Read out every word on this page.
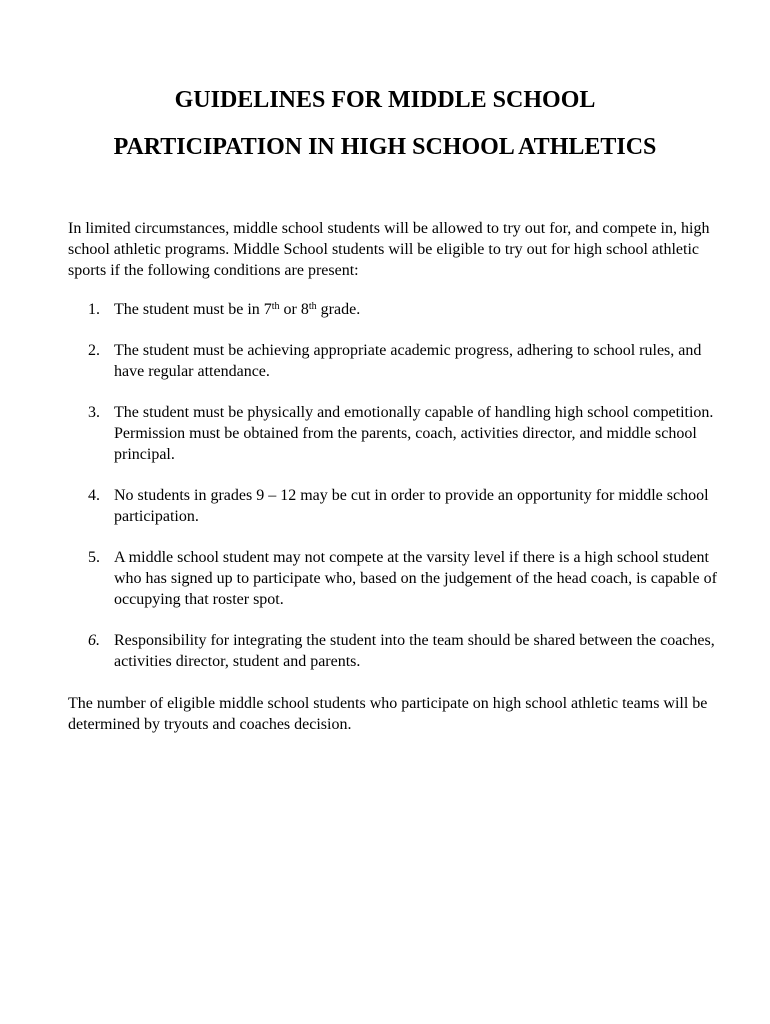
GUIDELINES FOR MIDDLE SCHOOL
PARTICIPATION IN HIGH SCHOOL ATHLETICS

In limited circumstances, middle school students will be allowed to try out for, and compete in, high school athletic programs. Middle School students will be eligible to try out for high school athletic sports if the following conditions are present:

1. The student must be in 7th or 8th grade.
2. The student must be achieving appropriate academic progress, adhering to school rules, and have regular attendance.
3. The student must be physically and emotionally capable of handling high school competition. Permission must be obtained from the parents, coach, activities director, and middle school principal.
4. No students in grades 9 – 12 may be cut in order to provide an opportunity for middle school participation.
5. A middle school student may not compete at the varsity level if there is a high school student who has signed up to participate who, based on the judgement of the head coach, is capable of occupying that roster spot.
6. Responsibility for integrating the student into the team should be shared between the coaches, activities director, student and parents.

The number of eligible middle school students who participate on high school athletic teams will be determined by tryouts and coaches decision.
